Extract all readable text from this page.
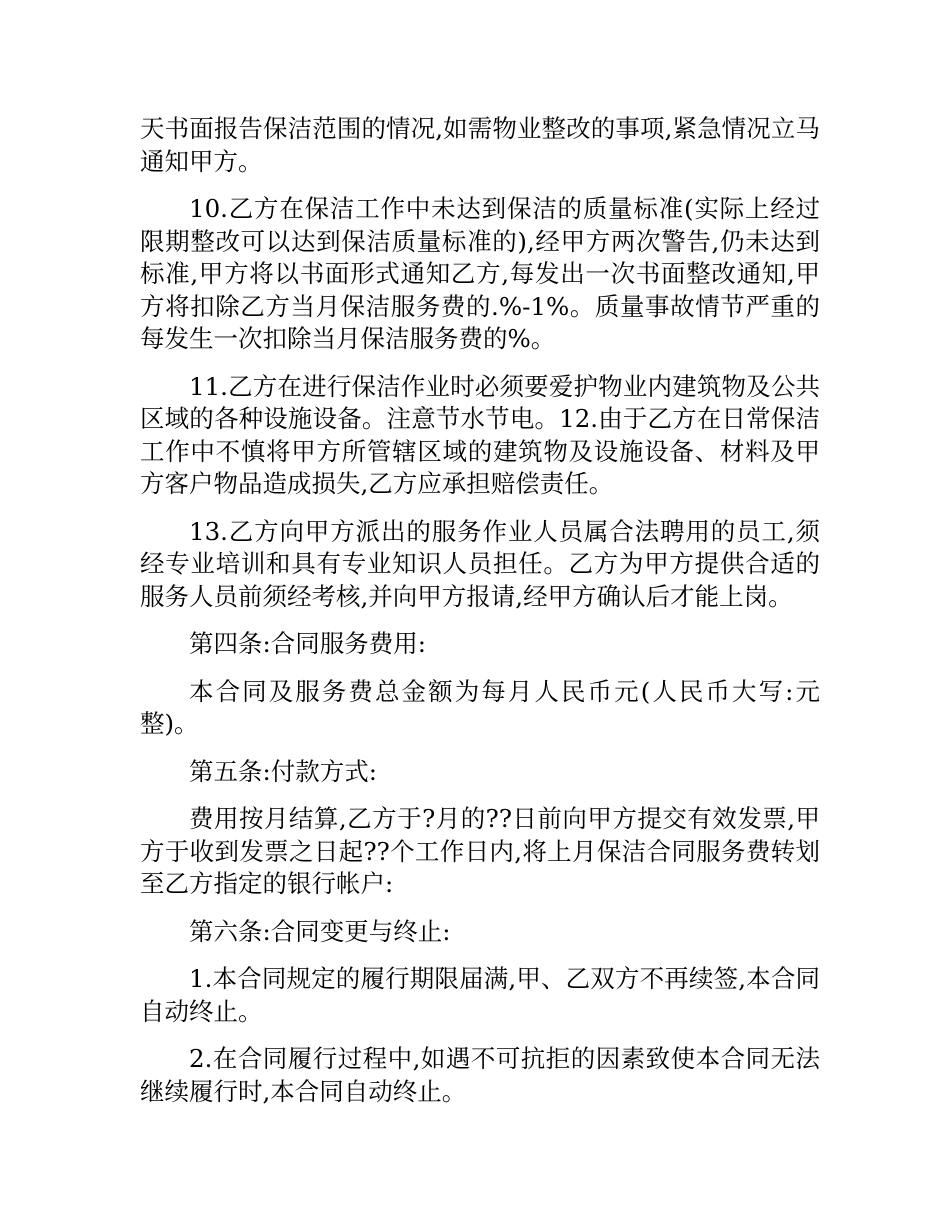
天书面报告保洁范围的情况,如需物业整改的事项,紧急情况立马通知甲方。

10.乙方在保洁工作中未达到保洁的质量标准(实际上经过限期整改可以达到保洁质量标准的),经甲方两次警告,仍未达到标准,甲方将以书面形式通知乙方,每发出一次书面整改通知,甲方将扣除乙方当月保洁服务费的.%-1%。质量事故情节严重的每发生一次扣除当月保洁服务费的%。

11.乙方在进行保洁作业时必须要爱护物业内建筑物及公共区域的各种设施设备。注意节水节电。12.由于乙方在日常保洁工作中不慎将甲方所管辖区域的建筑物及设施设备、材料及甲方客户物品造成损失,乙方应承担赔偿责任。

13.乙方向甲方派出的服务作业人员属合法聘用的员工,须经专业培训和具有专业知识人员担任。乙方为甲方提供合适的服务人员前须经考核,并向甲方报请,经甲方确认后才能上岗。

第四条:合同服务费用:

本合同及服务费总金额为每月人民币元(人民币大写:元整)。

第五条:付款方式:

费用按月结算,乙方于?月的??日前向甲方提交有效发票,甲方于收到发票之日起??个工作日内,将上月保洁合同服务费转划至乙方指定的银行帐户:

第六条:合同变更与终止:

1.本合同规定的履行期限届满,甲、乙双方不再续签,本合同自动终止。

2.在合同履行过程中,如遇不可抗拒的因素致使本合同无法继续履行时,本合同自动终止。
